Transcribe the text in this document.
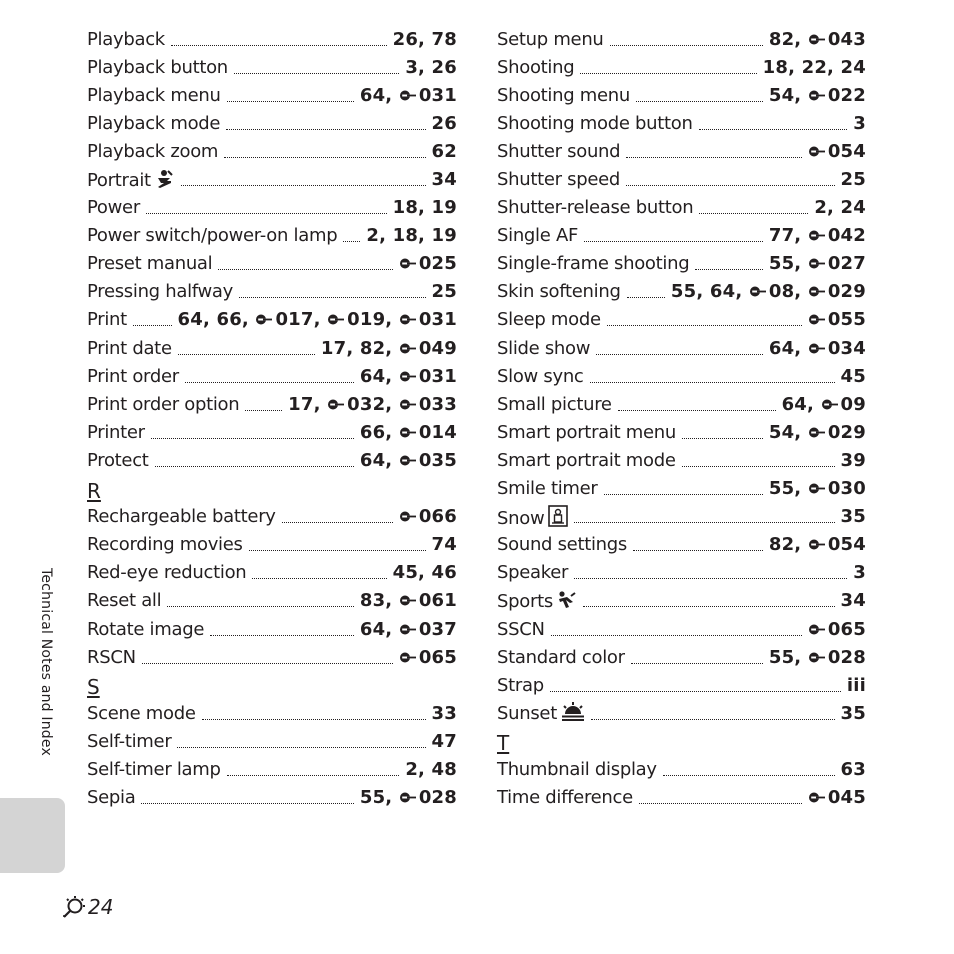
Playback	26, 78
Playback button	3, 26
Playback menu	64, 031
Playback mode	26
Playback zoom	62
Portrait	34
Power	18, 19
Power switch/power-on lamp 2, 18, 19
Preset manual	025
Pressing halfway	25
Print	64, 66, 017, 019, 031
Print date	17, 82, 049
Print order	64, 031
Print order option	17, 032, 033
Printer	66, 014
Protect	64, 035
R
Rechargeable battery	066
Recording movies	74
Red-eye reduction	45, 46
Reset all	83, 061
Rotate image	64, 037
RSCN	065
S
Scene mode	33
Self-timer	47
Self-timer lamp	2, 48
Sepia	55, 028
Setup menu	82, 043
Shooting	18, 22, 24
Shooting menu	54, 022
Shooting mode button	3
Shutter sound	054
Shutter speed	25
Shutter-release button	2, 24
Single AF	77, 042
Single-frame shooting	55, 027
Skin softening	55, 64, 08, 029
Sleep mode	055
Slide show	64, 034
Slow sync	45
Small picture	64, 09
Smart portrait menu	54, 029
Smart portrait mode	39
Smile timer	55, 030
Snow	35
Sound settings	82, 054
Speaker	3
Sports	34
SSCN	065
Standard color	55, 028
Strap	iii
Sunset	35
T
Thumbnail display	63
Time difference	045
Technical Notes and Index
24
